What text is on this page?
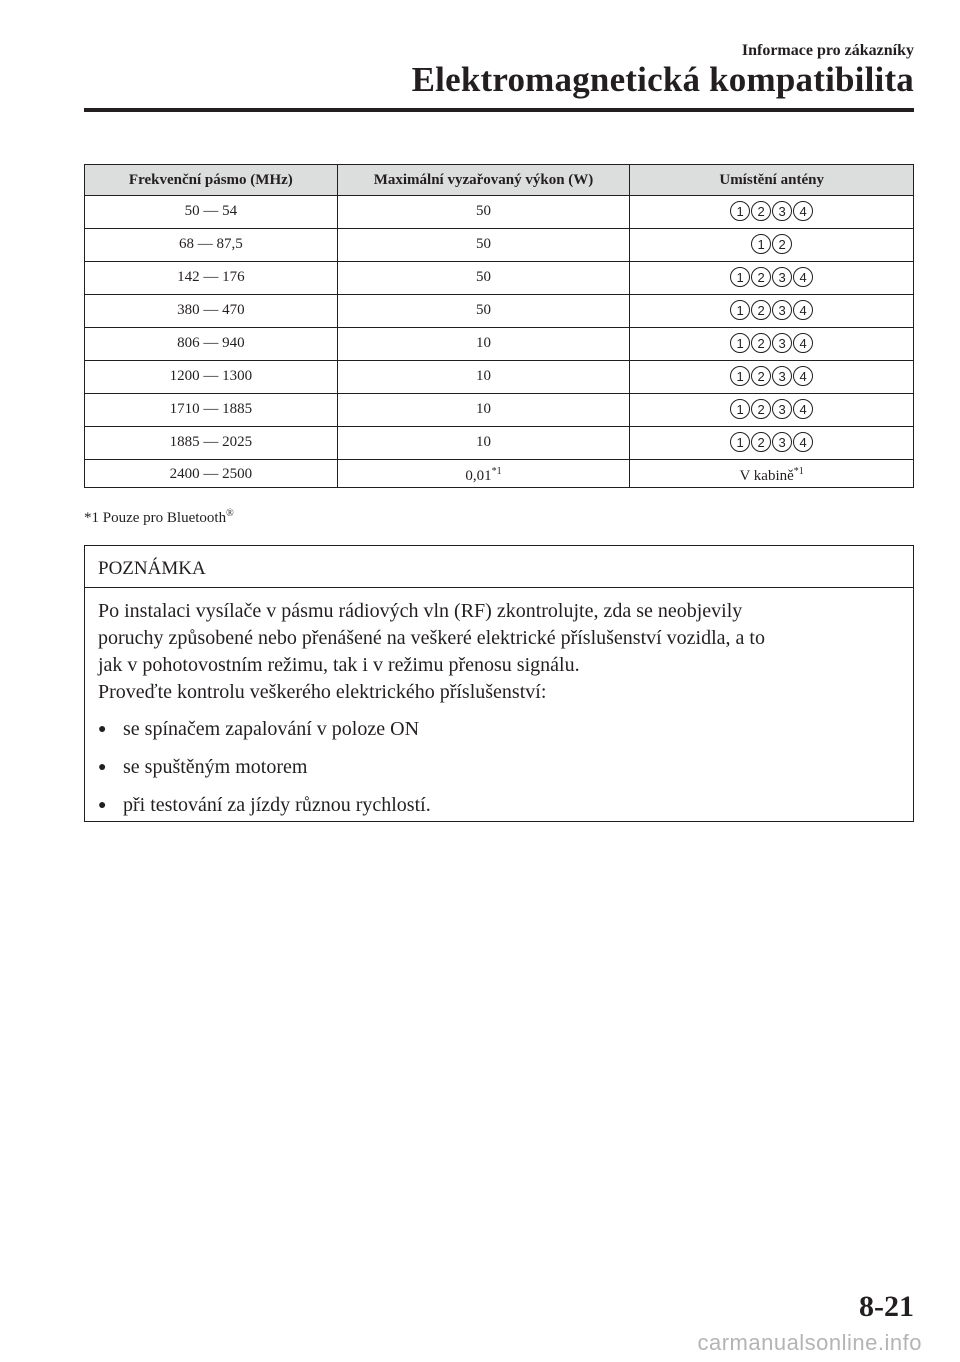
Informace pro zákazníky
Elektromagnetická kompatibilita
Frekvenční pásmo (MHz)	Maximální vyzařovaný výkon (W)	Umístění antény
50 — 54	50	1 2 3 4

68 — 87,5	50	1 2

142 — 176	50	1 2 3 4

380 — 470	50	1 2 3 4

806 — 940	10	1 2 3 4

1200 — 1300	10	1 2 3 4

1710 — 1885	10	1 2 3 4

1885 — 2025	10	1 2 3 4

2400 — 2500	0,01$^{*1}$	V kabině$^{*1}$
*1 Pouze pro Bluetooth®
POZNÁMKA

Po instalaci vysílače v pásmu rádiových vln (RF) zkontrolujte, zda se neobjevily

poruchy způsobené nebo přenášené na veškeré elektrické příslušenství vozidla, a to

jak v pohotovostním režimu, tak i v režimu přenosu signálu.

Proveďte kontrolu veškerého elektrického příslušenství:

● se spínačem zapalování v poloze ON
● se spuštěným motorem
● při testování za jízdy různou rychlostí.
8-21
carmanualsonline.info
